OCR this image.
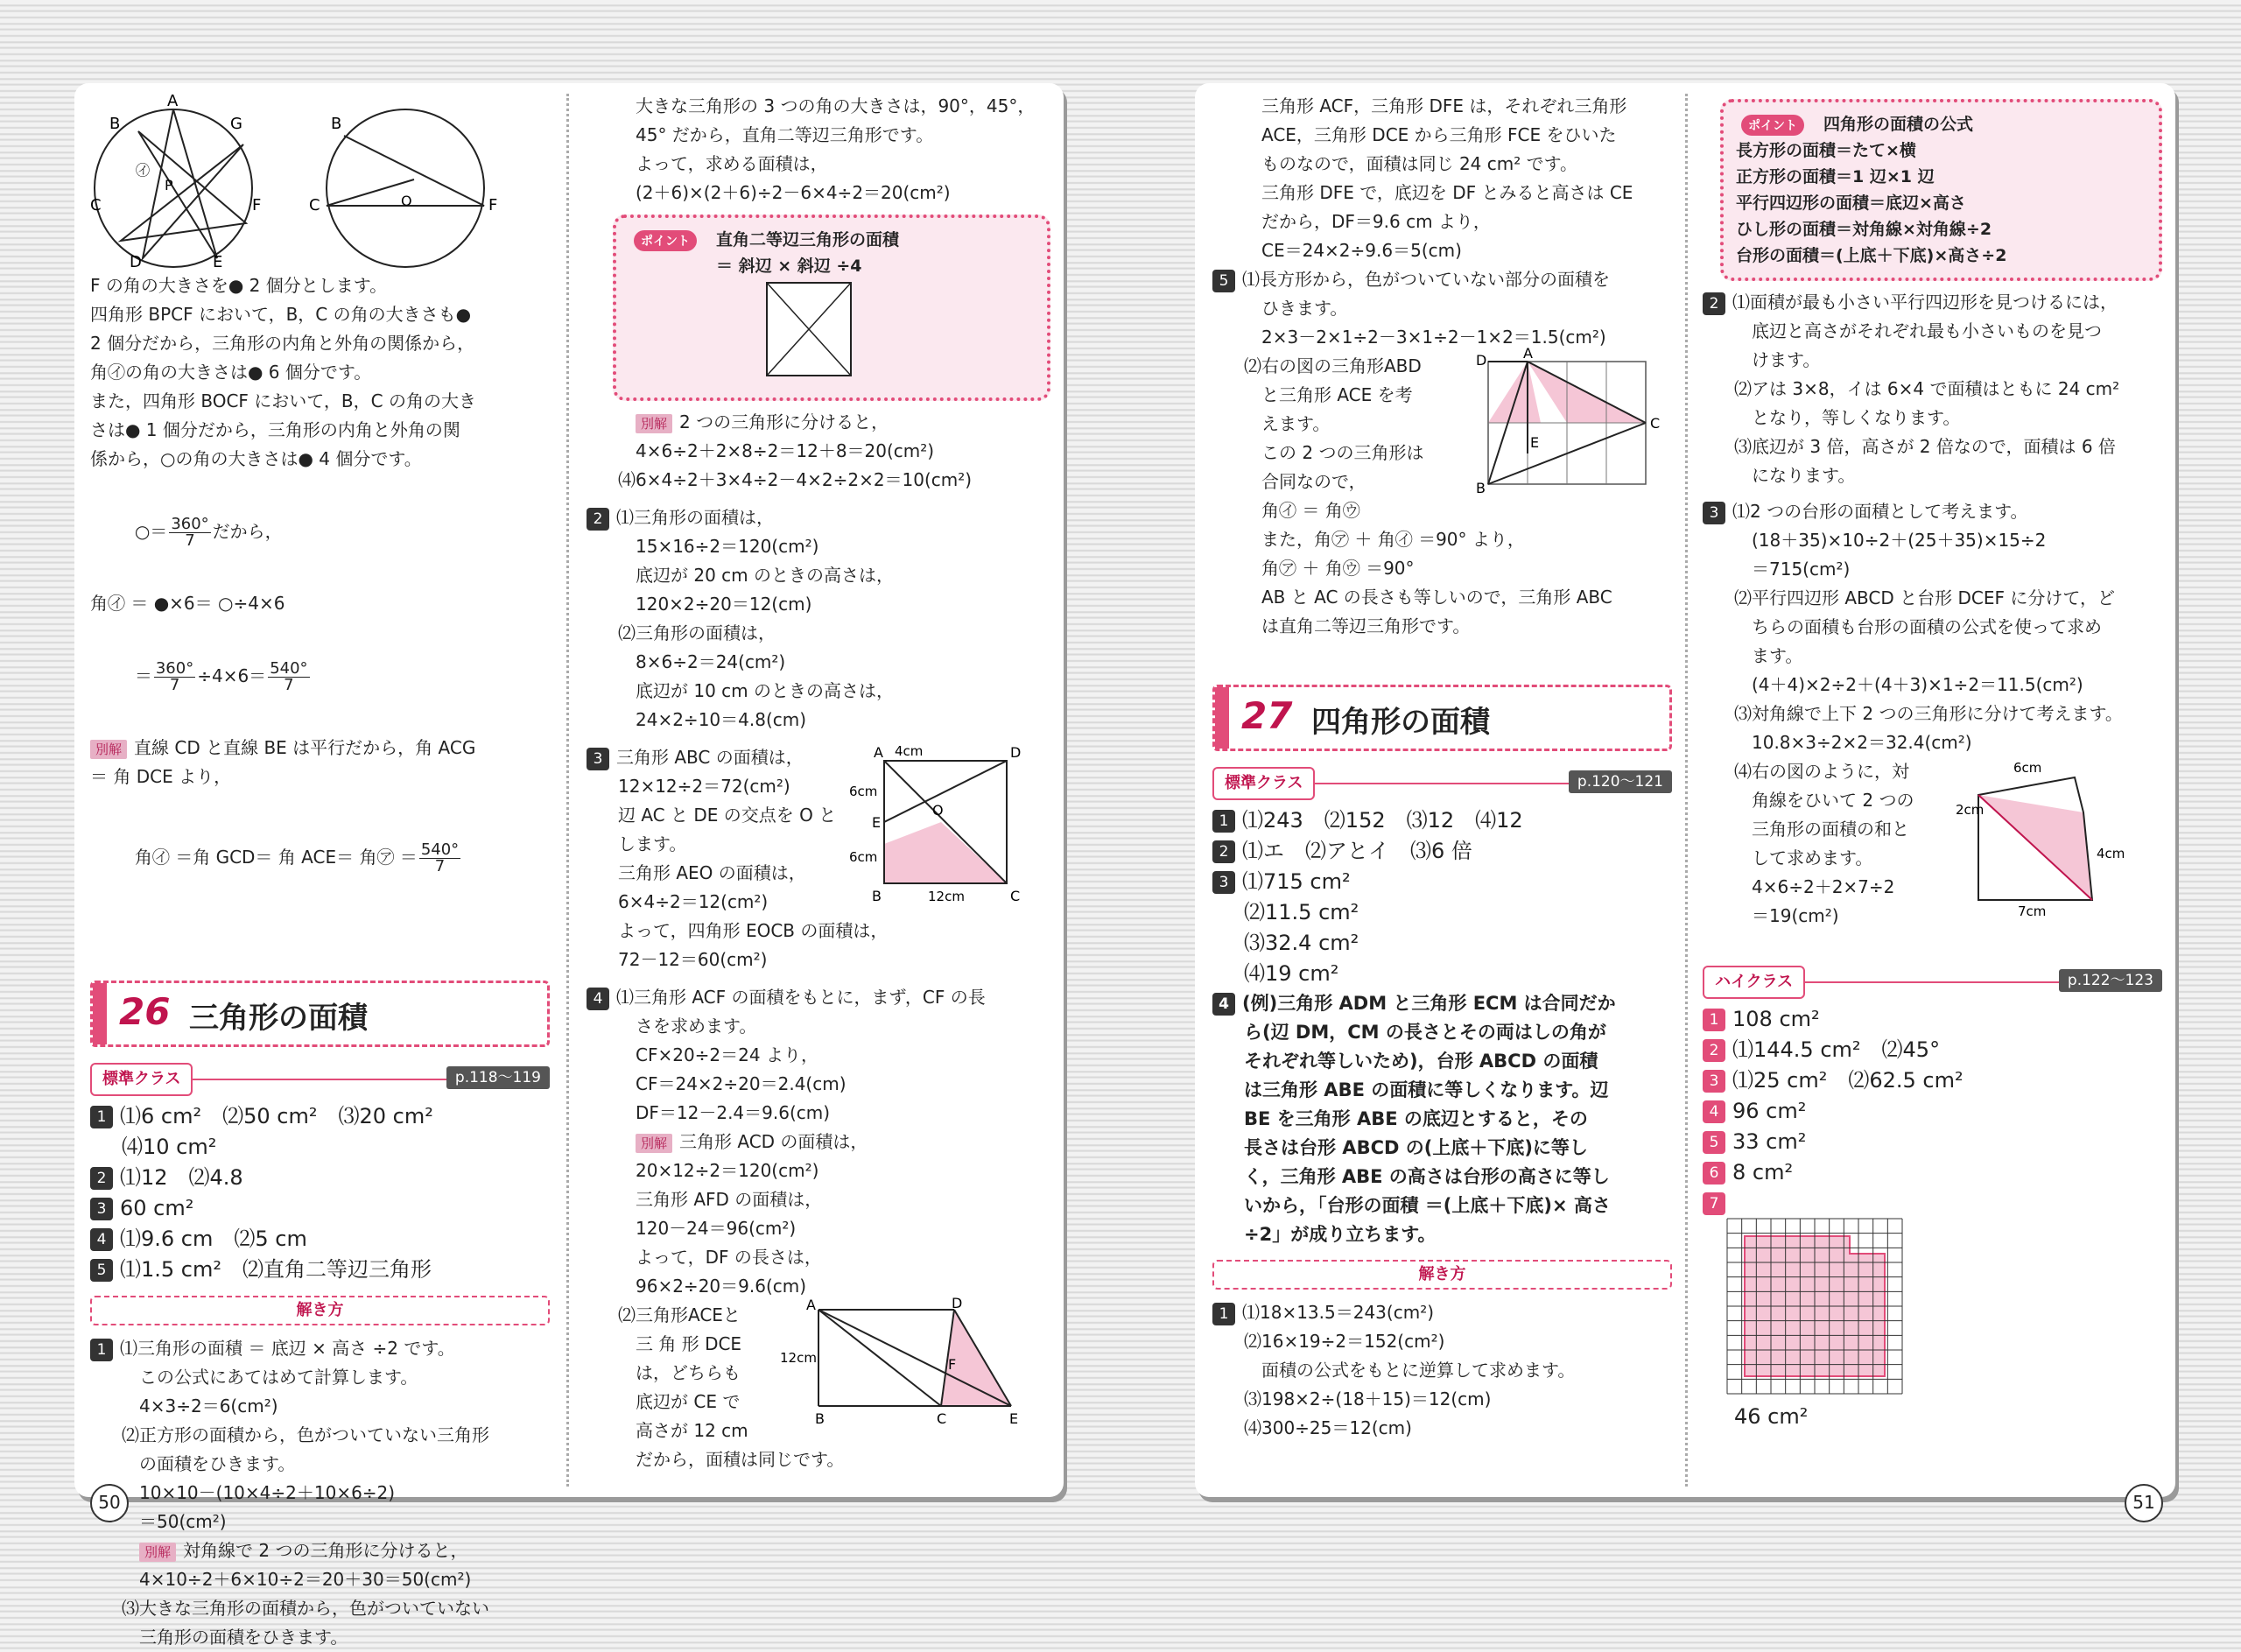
A
B	G
C	F
D	E
㋑
P
B
C	F
O

F の角の大きさを● 2 個分とします。

四角形 BPCF において，B，C の角の大きさも●

2 個分だから，三角形の内角と外角の関係から，

角㋑の角の大きさは● 6 個分です。

また，四角形 BOCF において，B，C の角の大き

さは● 1 個分だから，三角形の内角と外角の関

係から，○の角の大きさは● 4 個分です。

○＝ $\frac{360^\circ}{7}$ だから，

角㋑ ＝ ●×6＝ ○÷4×6

＝ $\frac{360^\circ}{7} \div 4\times 6= \frac{540^\circ}{7}$

別解 直線 CD と直線 BE は平行だから，角 ACG

＝ 角 DCE より，

角㋑ ＝角 GCD＝ 角 ACE＝ 角㋐ ＝ $\frac{540^\circ}{7}$

26 三角形の面積
標準クラス	p.118～119

1 ⑴6 cm²　⑵50 cm²　⑶20 cm²

⑷10 cm²

2 ⑴12　⑵4.8

3 60 cm²

4 ⑴9.6 cm　⑵5 cm

5 ⑴1.5 cm²　⑵直角二等辺三角形

解き方

1 ⑴三角形の面積 ＝ 底辺 × 高さ ÷2 です。

この公式にあてはめて計算します。

4×3÷2＝6(cm²)

⑵正方形の面積から，色がついていない三角形

の面積をひきます。

10×10－(10×4÷2＋10×6÷2)

＝50(cm²)

別解 対角線で 2 つの三角形に分けると，

4×10÷2＋6×10÷2＝20＋30＝50(cm²)

⑶大きな三角形の面積から，色がついていない

三角形の面積をひきます。

大きな三角形の 3 つの角の大きさは，90°，45°，

45° だから，直角二等辺三角形です。

よって，求める面積は，

(2＋6)×(2＋6)÷2－6×4÷2＝20(cm²)

ポイント	直角二等辺三角形の面積

＝ 斜辺 × 斜辺 ÷4

別解 2 つの三角形に分けると，

4×6÷2＋2×8÷2＝12＋8＝20(cm²)

⑷6×4÷2＋3×4÷2－4×2÷2×2＝10(cm²)

2 ⑴三角形の面積は，

15×16÷2＝120(cm²)

底辺が 20 cm のときの高さは，

120×2÷20＝12(cm)

⑵三角形の面積は，

8×6÷2＝24(cm²)

底辺が 10 cm のときの高さは，

24×2÷10＝4.8(cm)

3 三角形 ABC の面積は，

12×12÷2＝72(cm²)

辺 AC と DE の交点を O と

します。

三角形 AEO の面積は，

6×4÷2＝12(cm²)

よって，四角形 EOCB の面積は，

72－12＝60(cm²)

A	D
O
E
B	C
4cm
6cm
6cm
12cm

4 ⑴三角形 ACF の面積をもとに，まず，CF の長

さを求めます。

CF×20÷2＝24 より，

CF＝24×2÷20＝2.4(cm)

DF＝12－2.4＝9.6(cm)

別解 三角形 ACD の面積は，

20×12÷2＝120(cm²)

三角形 AFD の面積は，

120－24＝96(cm²)

よって，DF の長さは，

96×2÷20＝9.6(cm)

⑵三角形ACEと

三 角 形 DCE

は，どちらも

底辺が CE で

高さが 12 cm

だから，面積は同じです。

A	D
F
B	C	E
12cm
50

三角形 ACF，三角形 DFE は，それぞれ三角形

ACE，三角形 DCE から三角形 FCE をひいた

ものなので，面積は同じ 24 cm² です。

三角形 DFE で，底辺を DF とみると高さは CE

だから，DF＝9.6 cm より，

CE＝24×2÷9.6＝5(cm)

5 ⑴長方形から，色がついていない部分の面積を

ひきます。

2×3－2×1÷2－3×1÷2－1×2＝1.5(cm²)

⑵右の図の三角形ABD

と三角形 ACE を考

えます。

この 2 つの三角形は

合同なので，

角㋑ ＝ 角㋒

また，角㋐ ＋ 角㋑ ＝90° より，

角㋐ ＋ 角㋒ ＝90°

AB と AC の長さも等しいので，三角形 ABC

は直角二等辺三角形です。

D	A
C
E
B
27 四角形の面積
標準クラス	p.120～121

1 ⑴243　⑵152　⑶12　⑷12

2 ⑴エ　⑵アとイ　⑶6 倍

3 ⑴715 cm²

⑵11.5 cm²

⑶32.4 cm²

⑷19 cm²

4 (例)三角形 ADM と三角形 ECM は合同だか

ら(辺 DM，CM の長さとその両はしの角が

それぞれ等しいため)，台形 ABCD の面積

は三角形 ABE の面積に等しくなります。辺

BE を三角形 ABE の底辺とすると，その

長さは台形 ABCD の(上底＋下底)に等し

く，三角形 ABE の高さは台形の高さに等し

いから，「台形の面積 ＝(上底＋下底)× 高さ

÷2」が成り立ちます。

解き方

1 ⑴18×13.5＝243(cm²)

⑵16×19÷2＝152(cm²)

面積の公式をもとに逆算して求めます。

⑶198×2÷(18＋15)＝12(cm)

⑷300÷25＝12(cm)

ポイント	四角形の面積の公式

長方形の面積＝たて×横

正方形の面積＝1 辺×1 辺

平行四辺形の面積＝底辺×高さ

ひし形の面積＝対角線×対角線÷2

台形の面積＝(上底＋下底)×高さ÷2

2 ⑴面積が最も小さい平行四辺形を見つけるには，

底辺と高さがそれぞれ最も小さいものを見つ

けます。

⑵アは 3×8，イは 6×4 で面積はともに 24 cm²

となり，等しくなります。

⑶底辺が 3 倍，高さが 2 倍なので，面積は 6 倍

になります。

3 ⑴2 つの台形の面積として考えます。

(18＋35)×10÷2＋(25＋35)×15÷2

＝715(cm²)

⑵平行四辺形 ABCD と台形 DCEF に分けて，ど

ちらの面積も台形の面積の公式を使って求め

ます。

(4＋4)×2÷2＋(4＋3)×1÷2＝11.5(cm²)

⑶対角線で上下 2 つの三角形に分けて考えます。

10.8×3÷2×2＝32.4(cm²)

⑷右の図のように，対

角線をひいて 2 つの

三角形の面積の和と

して求めます。

4×6÷2＋2×7÷2

＝19(cm²)

6cm
2cm
4cm
7cm
ハイクラス	p.122～123

1 108 cm²

2 ⑴144.5 cm²　⑵45°

3 ⑴25 cm²　⑵62.5 cm²

4 96 cm²

5 33 cm²

6 8 cm²

7

46 cm²

51
